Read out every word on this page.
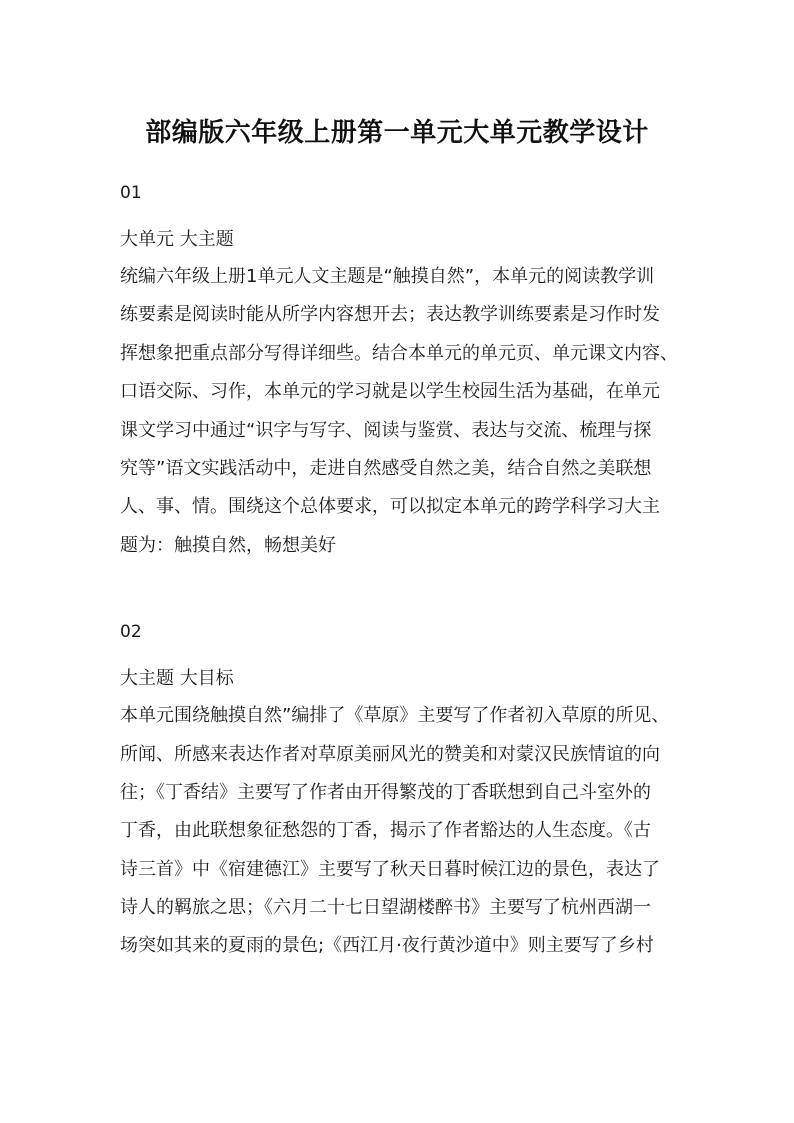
部编版六年级上册第一单元大单元教学设计

01

大单元 大主题

统编六年级上册1单元人文主题是“触摸自然”，本单元的阅读教学训

练要素是阅读时能从所学内容想开去；表达教学训练要素是习作时发

挥想象把重点部分写得详细些。结合本单元的单元页、单元课文内容、

口语交际、习作，本单元的学习就是以学生校园生活为基础，在单元

课文学习中通过“识字与写字、阅读与鉴赏、表达与交流、梳理与探

究等”语文实践活动中，走进自然感受自然之美，结合自然之美联想

人、事、情。围绕这个总体要求，可以拟定本单元的跨学科学习大主

题为：触摸自然，畅想美好

02

大主题 大目标

本单元围绕触摸自然”编排了《草原》主要写了作者初入草原的所见、

所闻、所感来表达作者对草原美丽风光的赞美和对蒙汉民族情谊的向

往；《丁香结》主要写了作者由开得繁茂的丁香联想到自己斗室外的

丁香，由此联想象征愁怨的丁香，揭示了作者豁达的人生态度。《古

诗三首》中《宿建德江》主要写了秋天日暮时候江边的景色，表达了

诗人的羁旅之思；《六月二十七日望湖楼醉书》主要写了杭州西湖一

场突如其来的夏雨的景色;《西江月·夜行黄沙道中》则主要写了乡村
